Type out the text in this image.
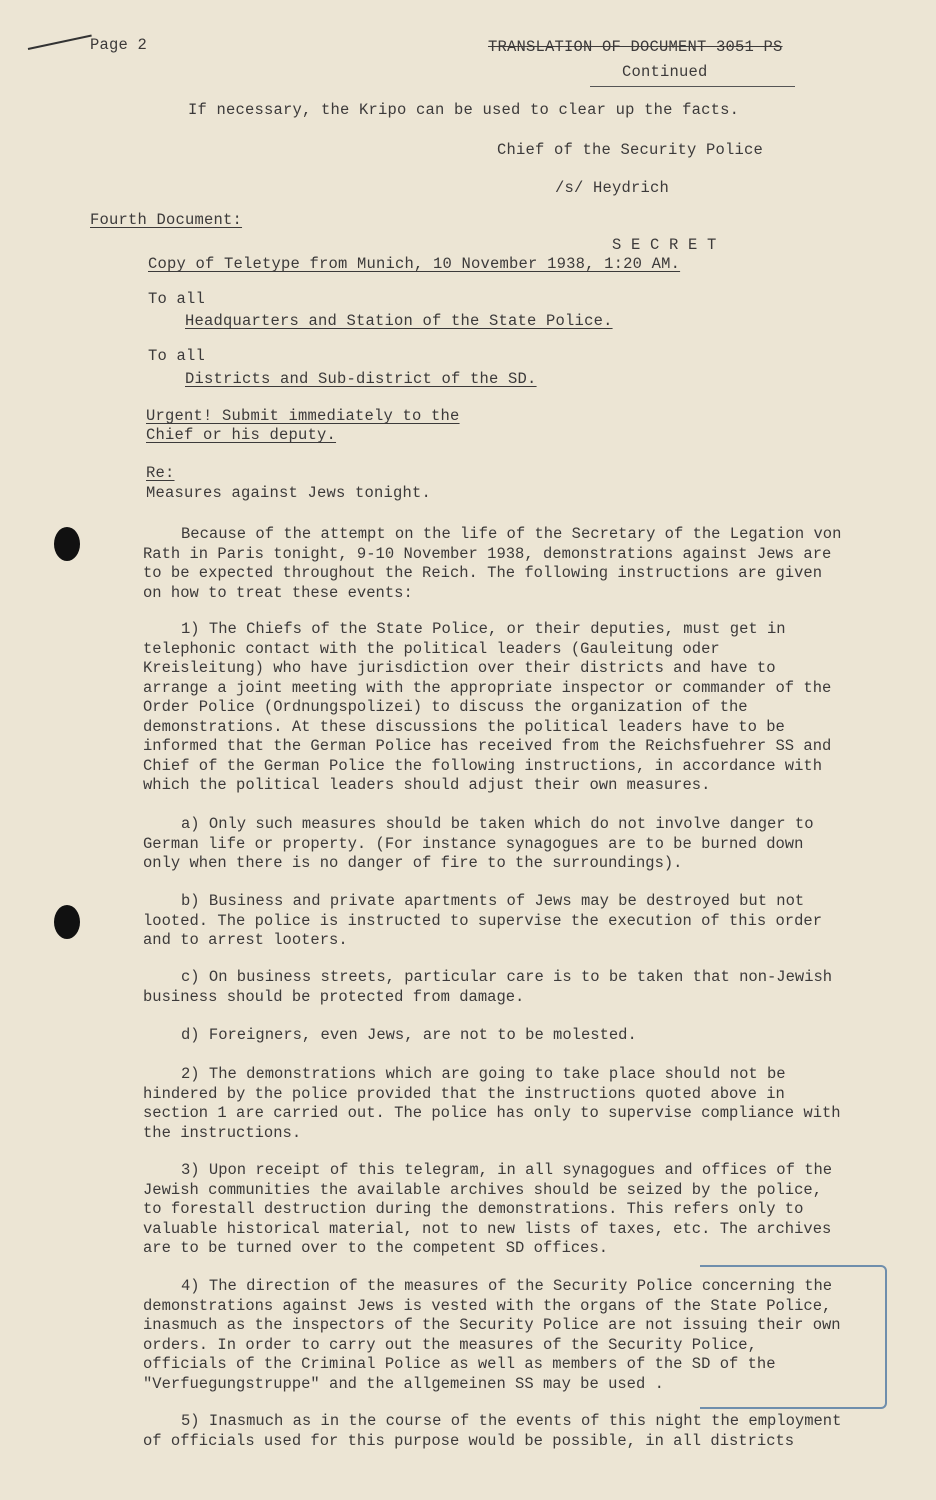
Page 2	TRANSLATION OF DOCUMENT 3051 PS
Continued
If necessary, the Kripo can be used to clear up the facts.
Chief of the Security Police
/s/ Heydrich
Fourth Document:
S E C R E T
Copy of Teletype from Munich, 10 November 1938, 1:20 AM.
To all
Headquarters and Station of the State Police.
To all
Districts and Sub-district of the SD.
Urgent! Submit immediately to the
Chief or his deputy.
Re:
Measures against Jews tonight.

Because of the attempt on the life of the Secretary of the Legation von Rath in Paris tonight, 9-10 November 1938, demonstrations against Jews are to be expected throughout the Reich. The following instructions are given on how to treat these events:

1) The Chiefs of the State Police, or their deputies, must get in telephonic contact with the political leaders (Gauleitung oder Kreisleitung) who have jurisdiction over their districts and have to arrange a joint meeting with the appropriate inspector or commander of the Order Police (Ordnungspolizei) to discuss the organization of the demonstrations. At these discussions the political leaders have to be informed that the German Police has received from the Reichsfuehrer SS and Chief of the German Police the following instructions, in accordance with which the political leaders should adjust their own measures.

a) Only such measures should be taken which do not involve danger to German life or property. (For instance synagogues are to be burned down only when there is no danger of fire to the surroundings).

b) Business and private apartments of Jews may be destroyed but not looted. The police is instructed to supervise the execution of this order and to arrest looters.

c) On business streets, particular care is to be taken that non-Jewish business should be protected from damage.

d) Foreigners, even Jews, are not to be molested.

2) The demonstrations which are going to take place should not be hindered by the police provided that the instructions quoted above in section 1 are carried out. The police has only to supervise compliance with the instructions.

3) Upon receipt of this telegram, in all synagogues and offices of the Jewish communities the available archives should be seized by the police, to forestall destruction during the demonstrations. This refers only to valuable historical material, not to new lists of taxes, etc. The archives are to be turned over to the competent SD offices.

4) The direction of the measures of the Security Police concerning the demonstrations against Jews is vested with the organs of the State Police, inasmuch as the inspectors of the Security Police are not issuing their own orders. In order to carry out the measures of the Security Police, officials of the Criminal Police as well as members of the SD of the "Verfuegungstruppe" and the allgemeinen SS may be used .

5) Inasmuch as in the course of the events of this night the employment of officials used for this purpose would be possible, in all districts
